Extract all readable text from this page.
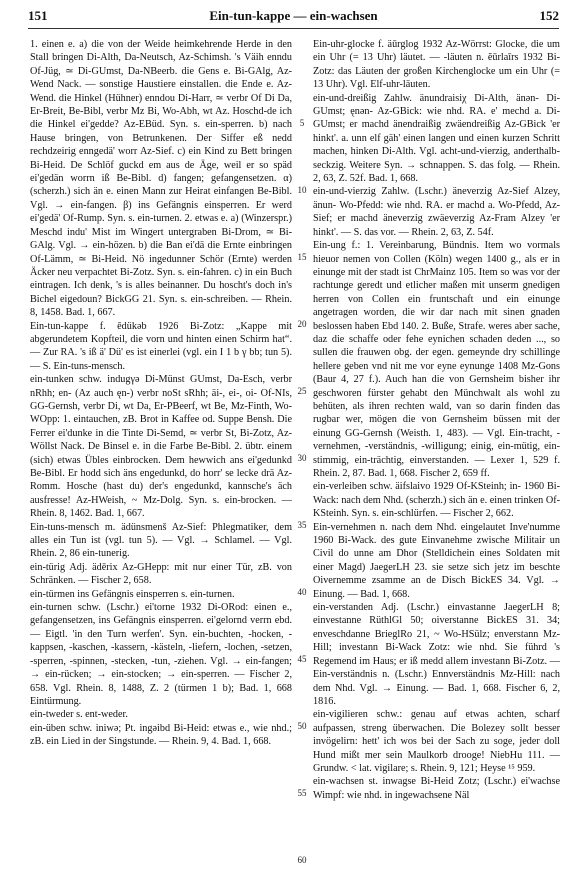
151	Ein-tun-kappe — ein-wachsen	152

1. einen e. a) die von der Weide heimkehrende Herde in den Stall bringen Di-Alth, Da-Neutsch, Az-Schimsh. 's Väih enndu Of-Jüg, ≃ Di-GUmst, Da-NBeerb. die Gens e. Bi-GAlg, Az-Wend Nack. — sonstige Haustiere einstallen. die Ende e. Az-Wend. die Hinkel (Hühner) enndou Di-Harr, ≃ verbr Of Di Da, Er-Breit, Be-Bibl, verbr Mz Bi, Wo-Abh, wt Az. Hoschd-de ich die Hinkel ei'gedde? Az-EBüd. Syn. s. ein-sperren. b) nach Hause bringen, von Betrunkenen. Der Siffer eß nedd rechdzeirig enngedä' worr Az-Sief. c) ein Kind zu Bett bringen Bi-Heid. De Schlöf guckd em aus de Äge, weil er so späd ei'gedän worrn iß Be-Bibl. d) fangen; gefangensetzen. α) (scherzh.) sich än e. einen Mann zur Heirat einfangen Be-Bibl. Vgl. → ein-fangen. β) ins Gefängnis einsperren. Er werd ei'gedä' Of-Rump. Syn. s. ein-turnen. 2. etwas e. a) (Winzerspr.) Meschd indu' Mist im Wingert untergraben Bi-Drom, ≃ Bi-GAlg. Vgl. → ein-hözen. b) die Ban ei'dä die Ernte einbringen Of-Lämm, ≃ Bi-Heid. Nö ingedunner Schör (Ernte) werden Äcker neu verpachtet Bi-Zotz. Syn. s. ein-fahren. c) in ein Buch eintragen. Ich denk, 's is alles beinanner. Du hoscht's doch in's Bichel eigedoun? BickGG 21. Syn. s. ein-schreiben. — Rhein. 8, 1458. Bad. 1, 667.

Ein-tun-kappe f. ēdükəb 1926 Bi-Zotz: „Kappe mit abgerundetem Kopfteil, die vorn und hinten einen Schirm hat“. — Zur RA. 's iß ä' Dü' es ist einerlei (vgl. ein I 1 b γ bb; tun 5). — S. Ein-tuns-mensch.

ein-tunken schw. indugγə Di-Münst GUmst, Da-Esch, verbr nRhh; en- (Az auch ęn-) verbr noSt sRhh; äi-, ei-, oi- Of-NIs, GG-Gernsh, verbr Di, wt Da, Er-PBeerf, wt Be, Mz-Finth, Wo-WOpp: 1. eintauchen, zB. Brot in Kaffee od. Suppe Bensh. Die Ferrer ei'dunke in die Tinte Di-Semd, ≃ verbr St, Bi-Zotz, Az-Wöllst Nack. De Binsel e. in die Farbe Be-Bibl. 2. übtr. einem (sich) etwas Übles einbrocken. Dem hewwich ans ei'gedunkd Be-Bibl. Er hodd sich äns engedunkd, do horr' se lecke drä Az-Romm. Hosche (hast du) der's engedunkd, kannsche's äch ausfresse! Az-HWeish, ~ Mz-Dolg. Syn. s. ein-brocken. — Rhein. 8, 1462. Bad. 1, 667.

Ein-tuns-mensch m. ädünsmenš Az-Sief: Phlegmatiker, dem alles ein Tun ist (vgl. tun 5). — Vgl. → Schlamel. — Vgl. Rhein. 2, 86 ein-tunerig.

ein-türig Adj. ädērix Az-GHepp: mit nur einer Tür, zB. von Schränken. — Fischer 2, 658.

ein-türmen ins Gefängnis einsperren s. ein-turnen.

ein-turnen schw. (Lschr.) ei'torne 1932 Di-ORod: einen e., gefangensetzen, ins Gefängnis einsperren. ei'gelornd verrn ebd. — Eigtl. 'in den Turn werfen'. Syn. ein-buchten, -hocken, -kappsen, -kaschen, -kassern, -kästeln, -liefern, -lochen, -setzen, -sperren, -spinnen, -stecken, -tun, -ziehen. Vgl. → ein-fangen; → ein-rücken; → ein-stocken; → ein-sperren. — Fischer 2, 658. Vgl. Rhein. 8, 1488, Z. 2 (türmen 1 b); Bad. 1, 668 Eintürmung.

ein-tweder s. ent-weder.

ein-üben schw. iniwə; Pt. ingəibd Bi-Heid: etwas e., wie nhd.; zB. ein Lied in der Singstunde. — Rhein. 9, 4. Bad. 1, 668.

5
10
15
20
25
30
35
40
45
50
55
60

Ein-uhr-glocke f. äūrglog 1932 Az-Wörrst: Glocke, die um ein Uhr (= 13 Uhr) läutet. — -läuten n. ĕūrlaīrs 1932 Bi-Zotz: das Läuten der großen Kirchenglocke um ein Uhr (= 13 Uhr). Vgl. Elf-uhr-läuten.

ein-und-dreißig Zahlw. änundraisiχ Di-Alth, änən- Di-GUmst; ęnən- Az-GBick: wie nhd. RA. e' mechd a. Di-GUmst; er machd änendraißig zwäendreißig Az-GBick 'er hinkt'. a. unn elf gäh' einen langen und einen kurzen Schritt machen, hinken Di-Alth. Vgl. acht-und-vierzig, anderthalb-seckzig. Weitere Syn. → schnappen. S. das folg. — Rhein. 2, 63, Z. 52f. Bad. 1, 668.

ein-und-vierzig Zahlw. (Lschr.) äneverzig Az-Sief Alzey, änun- Wo-Pfedd: wie nhd. RA. er machd a. Wo-Pfedd, Az-Sief; er machd äneverzig zwäeverzig Az-Fram Alzey 'er hinkt'. — S. das vor. — Rhein. 2, 63, Z. 54f.

Ein-ung f.: 1. Vereinbarung, Bündnis. Item wo vormals hieuor nemen von Collen (Köln) wegen 1400 g., als er in einunge mit der stadt ist ChrMainz 105. Item so was vor der rachtunge geredt und etlicher maßen mit unserm gnedigen herren von Collen ein fruntschaft und ein einunge angetragen worden, die wir dar nach mit sinen gnaden beslossen haben Ebd 140. 2. Buße, Strafe. weres aber sache, daz die schaffe oder fehe eynichen schaden deden ..., so sullen die frauwen obg. der egen. gemeynde dry schillinge hellere geben vnd nit me vor eyne eynunge 1408 Mz-Gons (Baur 4, 27 f.). Auch han die von Gernsheim bisher ihr geschworen fürster gehabt den Münchwalt als wohl zu behüten, als ihren rechten wald, van so darin finden das rugbar wer, mögen die von Gernsheim büssen mit der einung GG-Gernsh (Weisth. 1, 483). — Vgl. Ein-tracht, -vernehmen, -verständnis, -willigung; einig, ein-mütig, ein-stimmig, ein-trächtig, einverstanden. — Lexer 1, 529 f. Rhein. 2, 87. Bad. 1, 668. Fischer 2, 659 ff.

ein-verleiben schw. äifslaivo 1929 Of-KSteinh; in- 1960 Bi-Wack: nach dem Nhd. (scherzh.) sich än e. einen trinken Of-KSteinh. Syn. s. ein-schlürfen. — Fischer 2, 662.

Ein-vernehmen n. nach dem Nhd. eingelautet Inve'numme 1960 Bi-Wack. des gute Einvanehme zwische Militair un Civil do unne am Dhor (Stelldichein eines Soldaten mit einer Magd) JaegerLH 23. sie setze sich jetz im beschte Oivernemme zsamme an de Disch BickES 34. Vgl. → Einung. — Bad. 1, 668.

ein-verstanden Adj. (Lschr.) einvastanne JaegerLH 8; einvestanne RüthlGl 50; oiverstanne BickES 31. 34; enveschdanne BrieglRo 21, ~ Wo-HSülz; enverstann Mz-Hill; investann Bi-Wack Zotz: wie nhd. Sie führd 's Regemend im Haus; er iß medd allem investann Bi-Zotz. — Ein-verständnis n. (Lschr.) Ennverständnis Mz-Hill: nach dem Nhd. Vgl. → Einung. — Bad. 1, 668. Fischer 6, 2, 1816.

ein-vigilieren schw.: genau auf etwas achten, scharf aufpassen, streng überwachen. Die Bolezey sollt besser invögelirn: hett' ich wos bei der Sach zu soge, jeder doll Hund mißt mer sein Maulkorb drooge! NiebHu 111. — Grundw. < lat. vigilare; s. Rhein. 9, 121; Heyse ¹⁵ 959.

ein-wachsen st. inwagse Bi-Heid Zotz; (Lschr.) ei'wachse Wimpf: wie nhd. in ingewachsene Näl
